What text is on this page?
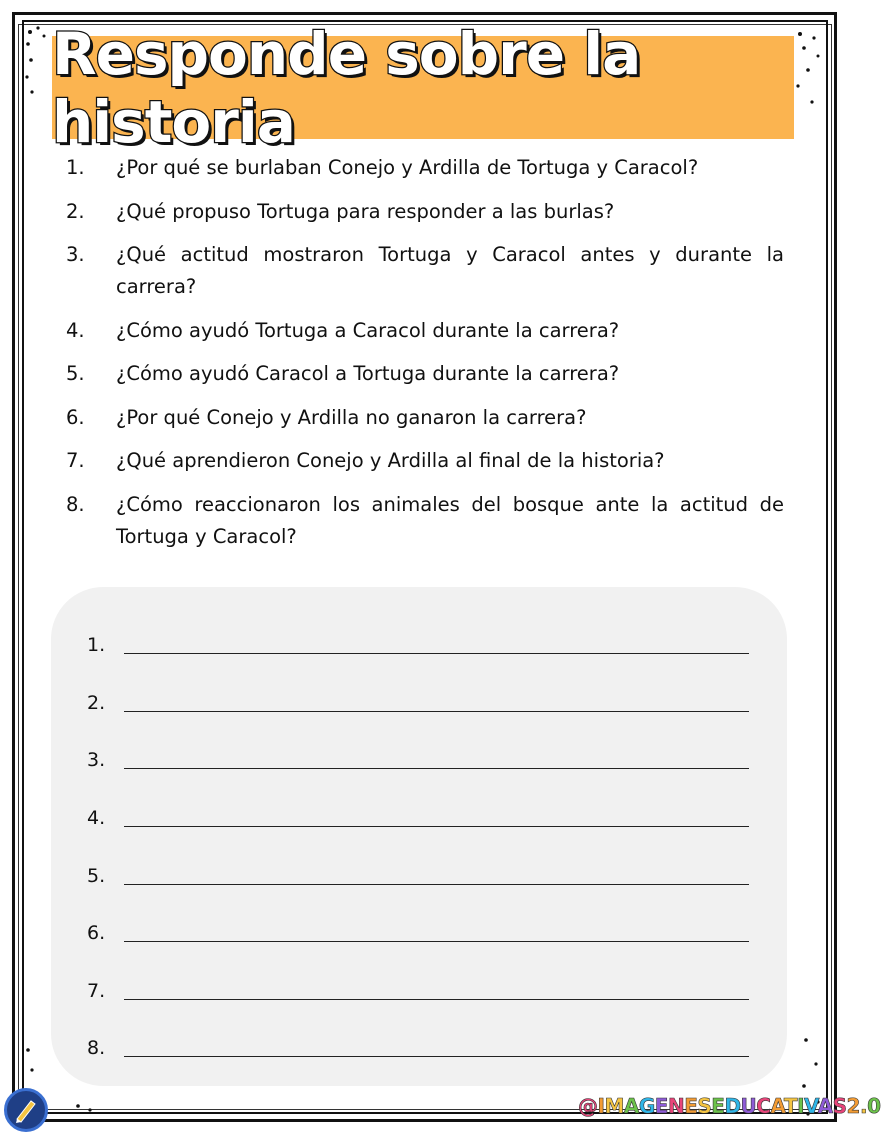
Responde sobre la historia
1.	¿Por qué se burlaban Conejo y Ardilla de Tortuga y Caracol?
2.	¿Qué propuso Tortuga para responder a las burlas?
3.	¿Qué actitud mostraron Tortuga y Caracol antes y durante la carrera?
4.	¿Cómo ayudó Tortuga a Caracol durante la carrera?
5.	¿Cómo ayudó Caracol a Tortuga durante la carrera?
6.	¿Por qué Conejo y Ardilla no ganaron la carrera?
7.	¿Qué aprendieron Conejo y Ardilla al final de la historia?
8.	¿Cómo reaccionaron los animales del bosque ante la actitud de Tortuga y Caracol?
1.
2.
3.
4.
5.
6.
7.
8.
@IMAGENESEDUCATIVAS2.0
